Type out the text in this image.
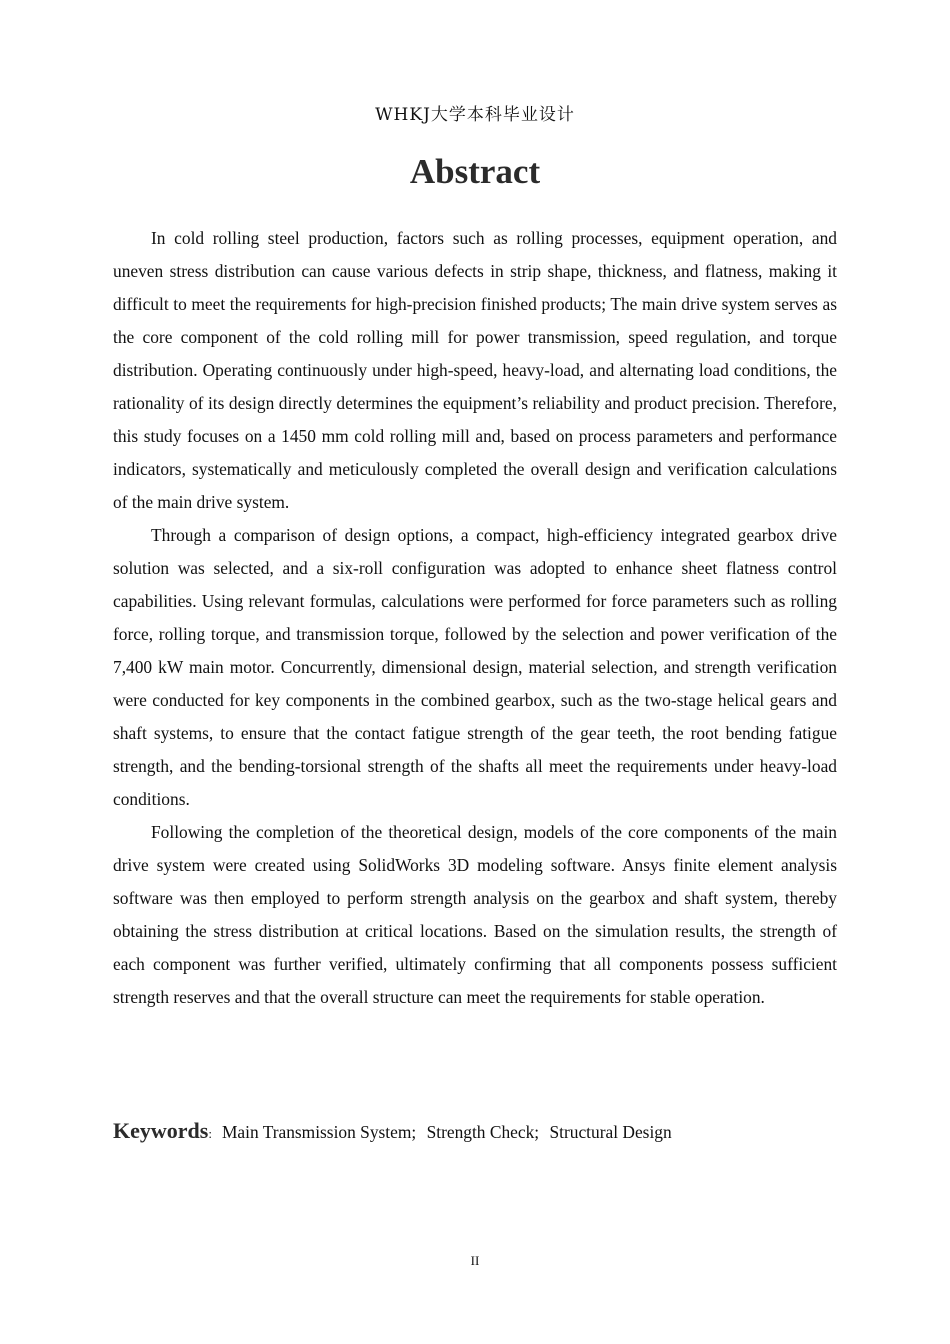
WHKJ大学本科毕业设计
Abstract

In cold rolling steel production, factors such as rolling processes, equipment operation, and uneven stress distribution can cause various defects in strip shape, thickness, and flatness, making it difficult to meet the requirements for high-precision finished products; The main drive system serves as the core component of the cold rolling mill for power transmission, speed regulation, and torque distribution. Operating continuously under high-speed, heavy-load, and alternating load conditions, the rationality of its design directly determines the equipment’s reliability and product precision. Therefore, this study focuses on a 1450 mm cold rolling mill and, based on process parameters and performance indicators, systematically and meticulously completed the overall design and verification calculations of the main drive system.

Through a comparison of design options, a compact, high-efficiency integrated gearbox drive solution was selected, and a six-roll configuration was adopted to enhance sheet flatness control capabilities. Using relevant formulas, calculations were performed for force parameters such as rolling force, rolling torque, and transmission torque, followed by the selection and power verification of the 7,400 kW main motor. Concurrently, dimensional design, material selection, and strength verification were conducted for key components in the combined gearbox, such as the two-stage helical gears and shaft systems, to ensure that the contact fatigue strength of the gear teeth, the root bending fatigue strength, and the bending-torsional strength of the shafts all meet the requirements under heavy-load conditions.

Following the completion of the theoretical design, models of the core components of the main drive system were created using SolidWorks 3D modeling software. Ansys finite element analysis software was then employed to perform strength analysis on the gearbox and shaft system, thereby obtaining the stress distribution at critical locations. Based on the simulation results, the strength of each component was further verified, ultimately confirming that all components possess sufficient strength reserves and that the overall structure can meet the requirements for stable operation.

Keywords: Main Transmission System; Strength Check; Structural Design
II
